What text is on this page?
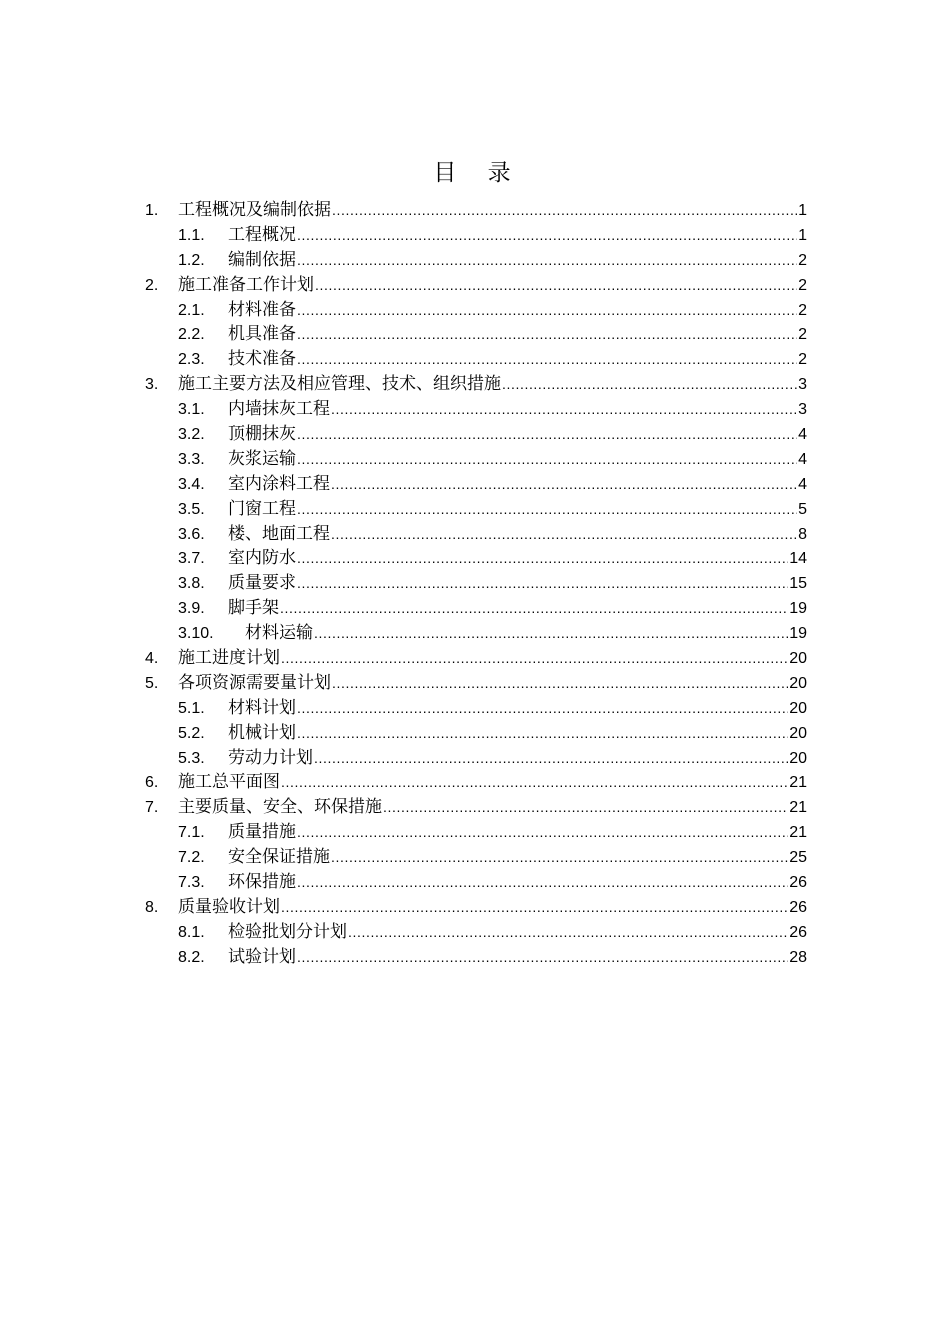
目 录
1.	工程概况及编制依据 .....	1
1.1.	工程概况 .....	1
1.2.	编制依据 .....	2
2.	施工准备工作计划 .....	2
2.1.	材料准备 .....	2
2.2.	机具准备 .....	2
2.3.	技术准备 .....	2
3.	施工主要方法及相应管理、技术、组织措施 .....	3
3.1.	内墙抹灰工程 .....	3
3.2.	顶棚抹灰 .....	4
3.3.	灰浆运输 .....	4
3.4.	室内涂料工程 .....	4
3.5.	门窗工程 .....	5
3.6.	楼、地面工程 .....	8
3.7.	室内防水 .....	14
3.8.	质量要求 .....	15
3.9.	脚手架 .....	19
3.10.	材料运输 .....	19
4.	施工进度计划 .....	20
5.	各项资源需要量计划 .....	20
5.1.	材料计划 .....	20
5.2.	机械计划 .....	20
5.3.	劳动力计划 .....	20
6.	施工总平面图 .....	21
7.	主要质量、安全、环保措施 .....	21
7.1.	质量措施 .....	21
7.2.	安全保证措施 .....	25
7.3.	环保措施 .....	26
8.	质量验收计划 .....	26
8.1.	检验批划分计划 .....	26
8.2.	试验计划 .....	28
